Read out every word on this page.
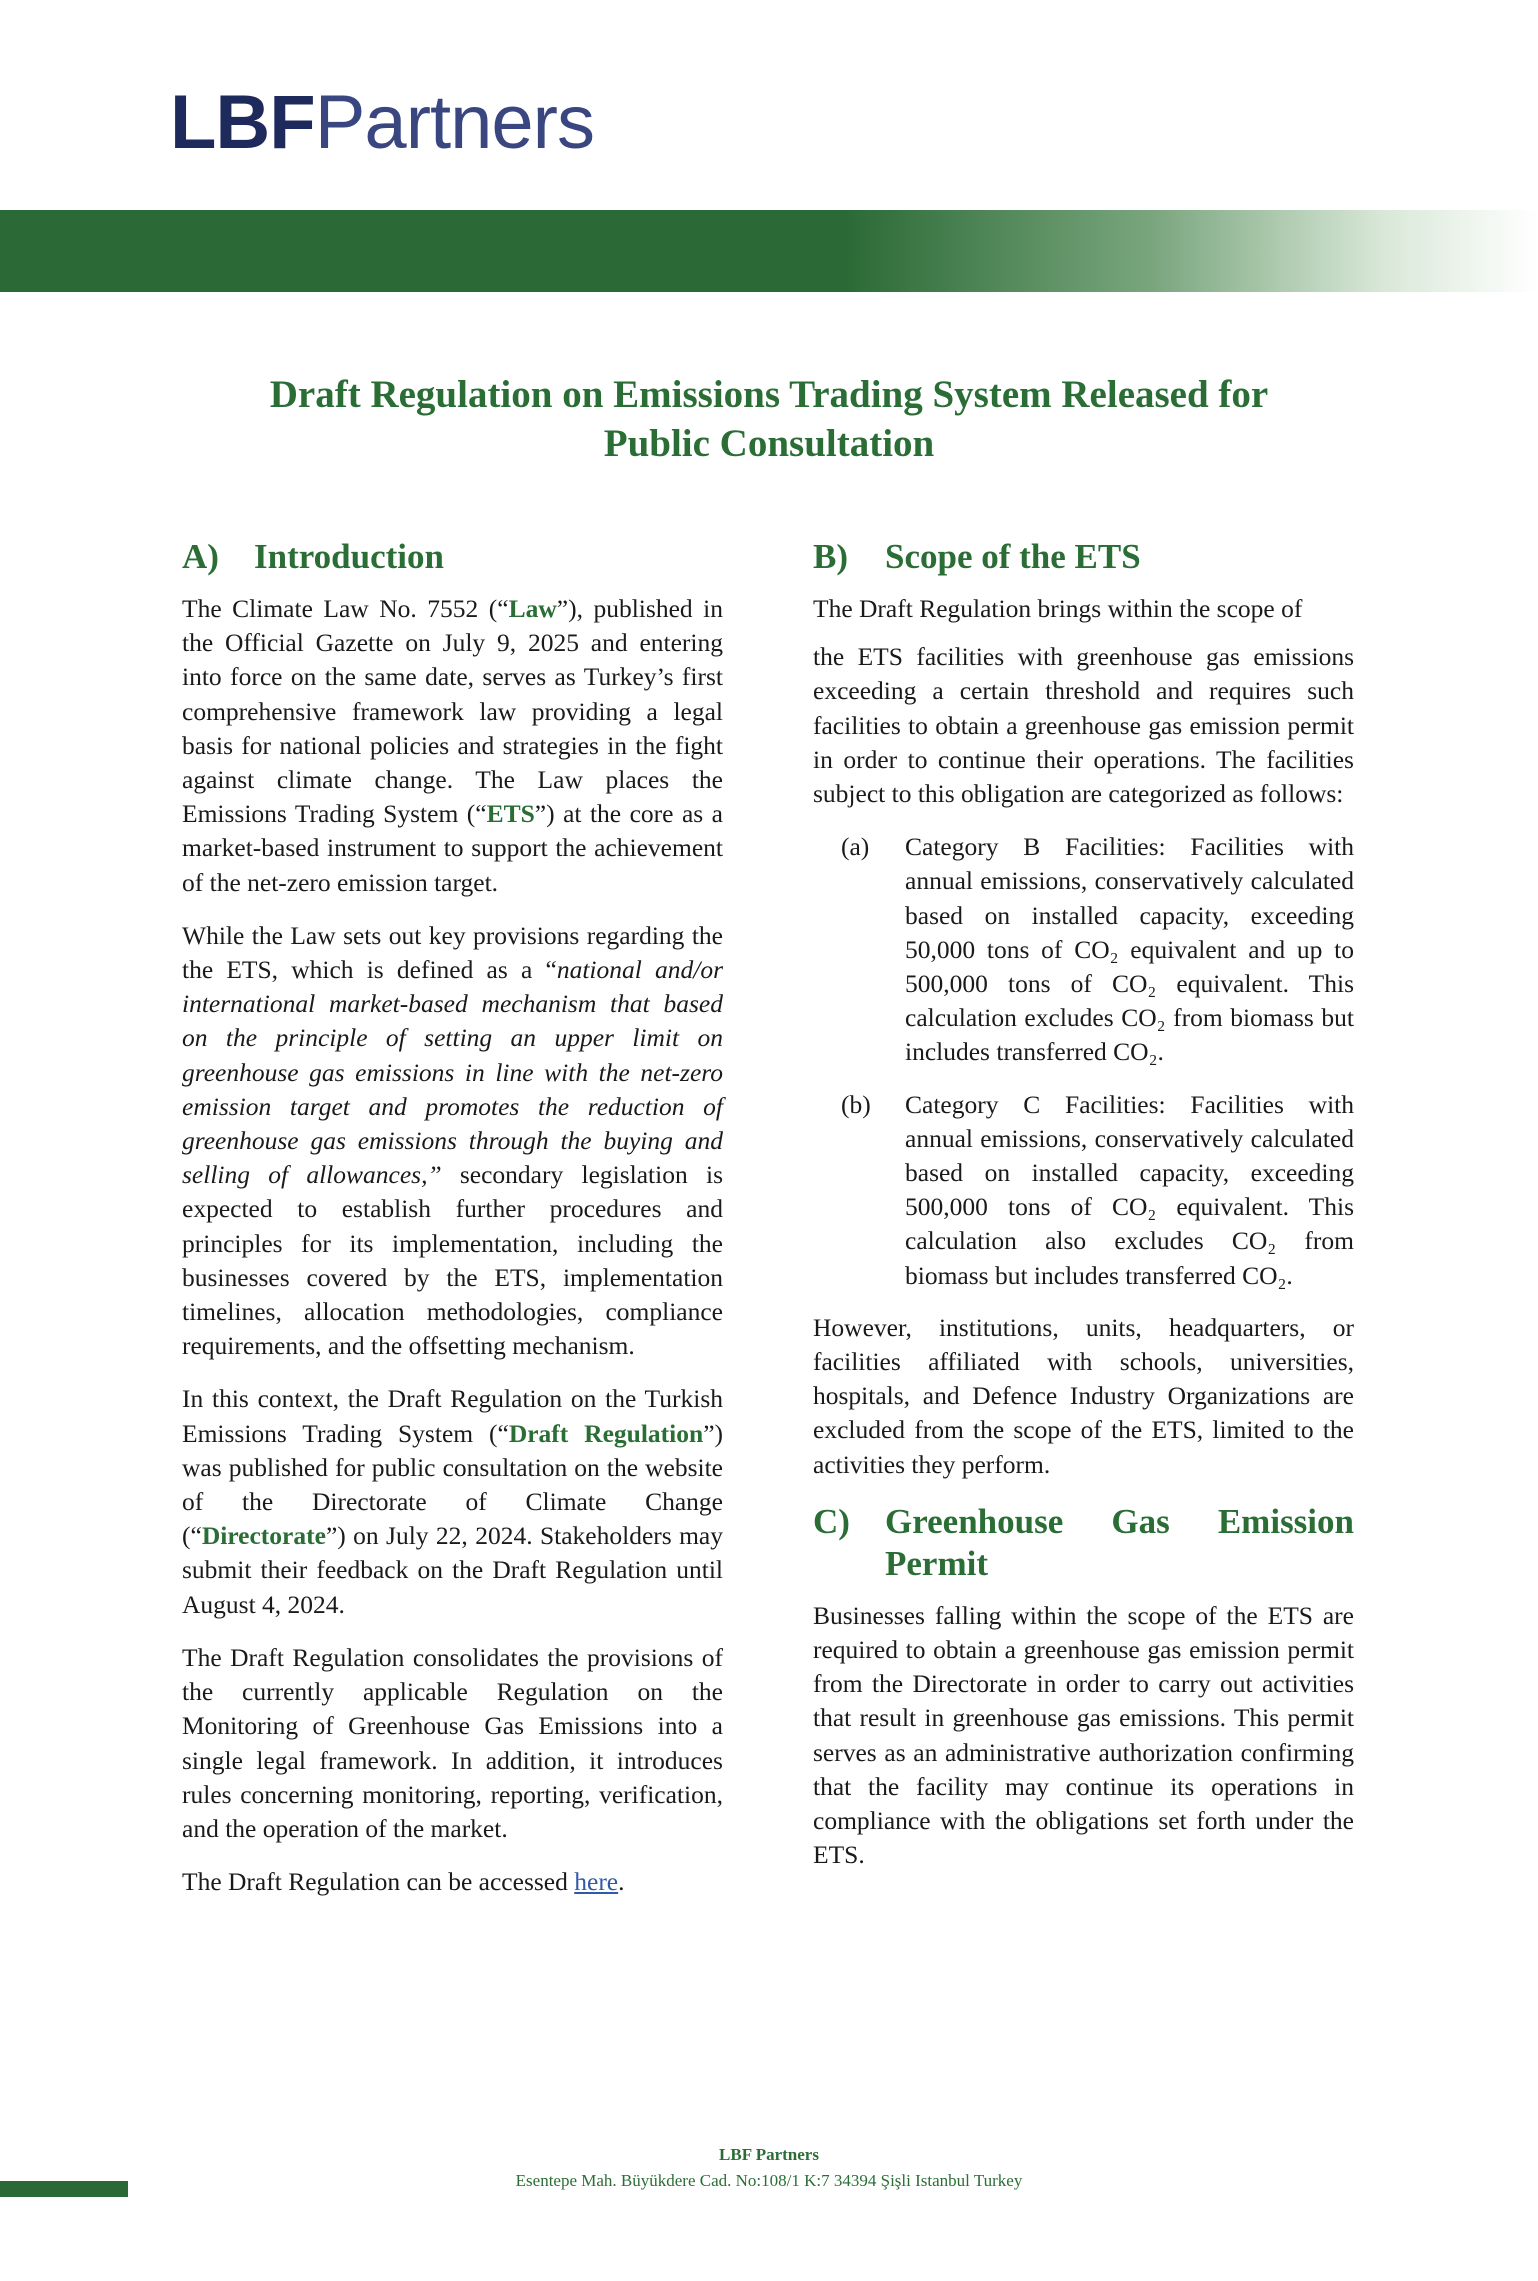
LBFPartners
Draft Regulation on Emissions Trading System Released for
Public Consultation
A)	Introduction

The Climate Law No. 7552 (“Law”), published in the Official Gazette on July 9, 2025 and entering into force on the same date, serves as Turkey’s first comprehensive framework law providing a legal basis for national policies and strategies in the fight against climate change. The Law places the Emissions Trading System (“ETS”) at the core as a market-based instrument to support the achievement of the net-zero emission target.

While the Law sets out key provisions regarding the the ETS, which is defined as a “national and/or international market-based mechanism that based on the principle of setting an upper limit on greenhouse gas emissions in line with the net-zero emission target and promotes the reduction of greenhouse gas emissions through the buying and selling of allowances,” secondary legislation is expected to establish further procedures and principles for its implementation, including the businesses covered by the ETS, implementation timelines, allocation methodologies, compliance requirements, and the offsetting mechanism.

In this context, the Draft Regulation on the Turkish Emissions Trading System (“Draft Regulation”) was published for public consultation on the website of the Directorate of Climate Change (“Directorate”) on July 22, 2024. Stakeholders may submit their feedback on the Draft Regulation until August 4, 2024.

The Draft Regulation consolidates the provisions of the currently applicable Regulation on the Monitoring of Greenhouse Gas Emissions into a single legal framework. In addition, it introduces rules concerning monitoring, reporting, verification, and the operation of the market.

The Draft Regulation can be accessed here.

B)	Scope of the ETS

The Draft Regulation brings within the scope of

the ETS facilities with greenhouse gas emissions exceeding a certain threshold and requires such facilities to obtain a greenhouse gas emission permit in order to continue their operations. The facilities subject to this obligation are categorized as follows:

(a)	Category B Facilities: Facilities with annual emissions, conservatively calculated based on installed capacity, exceeding 50,000 tons of CO₂ equivalent and up to 500,000 tons of CO₂ equivalent. This calculation excludes CO₂ from biomass but includes transferred CO₂.
(b)	Category C Facilities: Facilities with annual emissions, conservatively calculated based on installed capacity, exceeding 500,000 tons of CO₂ equivalent. This calculation also excludes CO₂ from biomass but includes transferred CO₂.

However, institutions, units, headquarters, or facilities affiliated with schools, universities, hospitals, and Defence Industry Organizations are excluded from the scope of the ETS, limited to the activities they perform.

C)	Greenhouse Gas Emission Permit

Businesses falling within the scope of the ETS are required to obtain a greenhouse gas emission permit from the Directorate in order to carry out activities that result in greenhouse gas emissions. This permit serves as an administrative authorization confirming that the facility may continue its operations in compliance with the obligations set forth under the ETS.

LBF Partners
Esentepe Mah. Büyükdere Cad. No:108/1 K:7 34394 Şişli Istanbul Turkey
